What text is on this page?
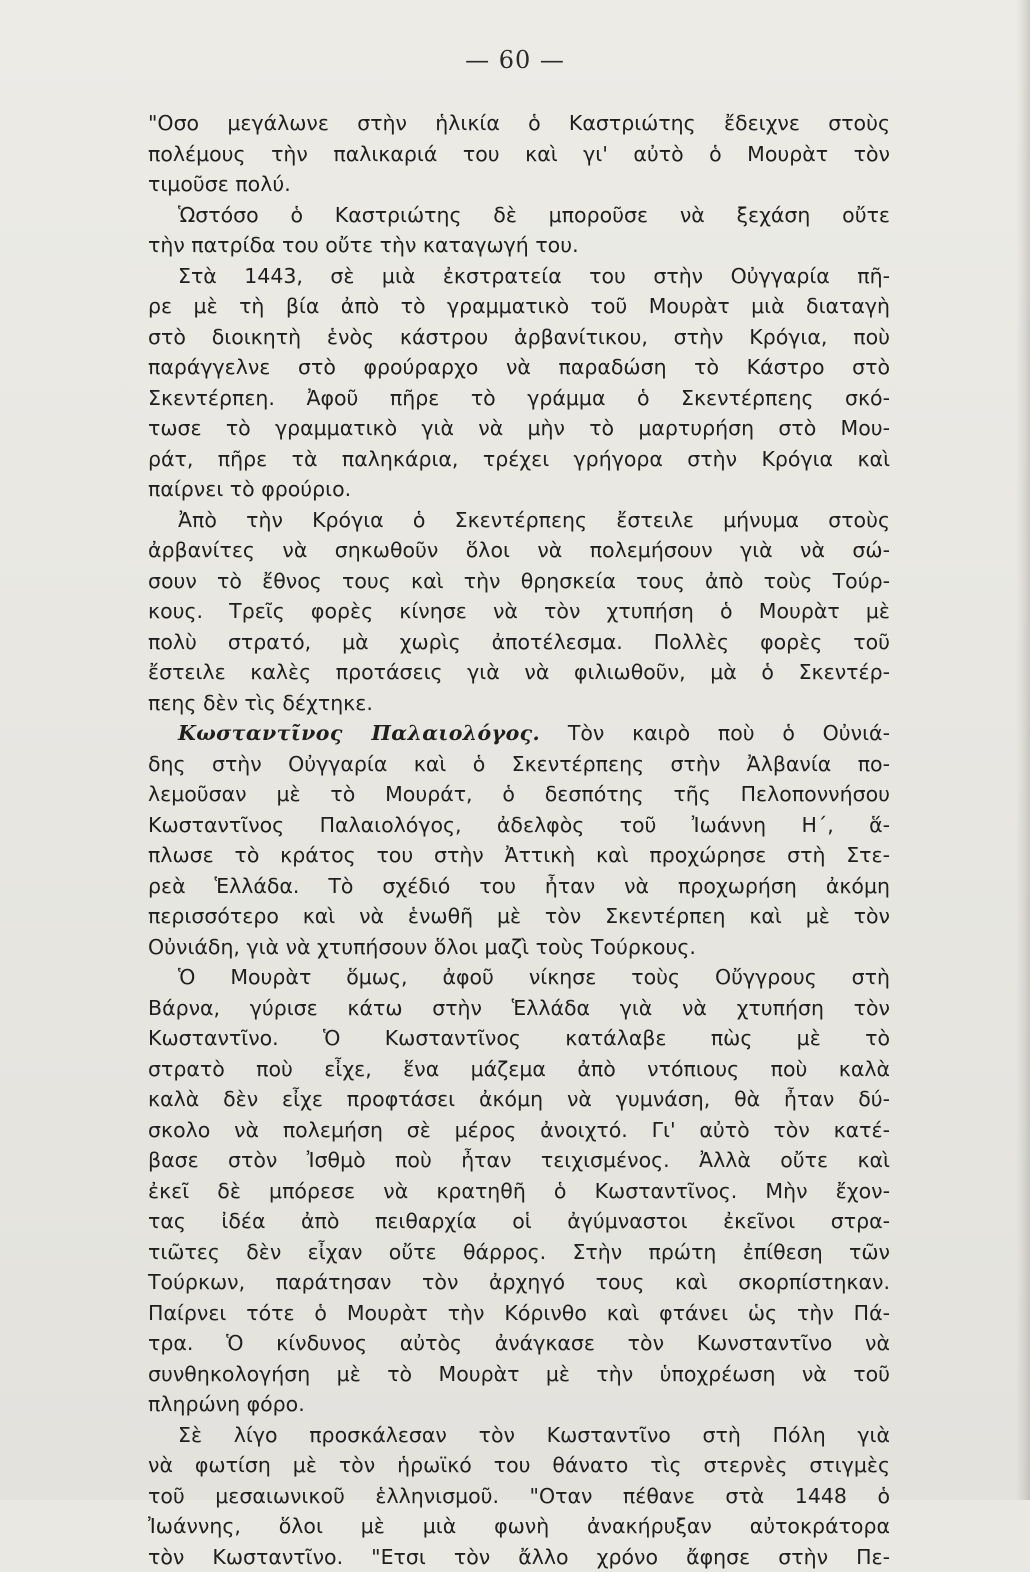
— 60 —
"Οσο μεγάλωνε στὴν ἡλικία ὁ Καστριώτης ἔδειχνε στοὺς
πολέμους τὴν παλικαριά του καὶ γι' αὐτὸ ὁ Μουρὰτ τὸν
τιμοῦσε πολύ.
Ὡστόσο ὁ Καστριώτης δὲ μποροῦσε νὰ ξεχάση οὔτε
τὴν πατρίδα του οὔτε τὴν καταγωγή του.
Στὰ 1443, σὲ μιὰ ἐκστρατεία του στὴν Οὐγγαρία πῆ-
ρε μὲ τὴ βία ἀπὸ τὸ γραμματικὸ τοῦ Μουρὰτ μιὰ διαταγὴ
στὸ διοικητὴ ἑνὸς κάστρου ἀρβανίτικου, στὴν Κρόγια, ποὺ
παράγγελνε στὸ φρούραρχο νὰ παραδώση τὸ Κάστρο στὸ
Σκεντέρπεη. Ἀφοῦ πῆρε τὸ γράμμα ὁ Σκεντέρπεης σκό-
τωσε τὸ γραμματικὸ γιὰ νὰ μὴν τὸ μαρτυρήση στὸ Μου-
ράτ, πῆρε τὰ παληκάρια, τρέχει γρήγορα στὴν Κρόγια καὶ
παίρνει τὸ φρούριο.
Ἀπὸ τὴν Κρόγια ὁ Σκεντέρπεης ἔστειλε μήνυμα στοὺς
ἀρβανίτες νὰ σηκωθοῦν ὅλοι νὰ πολεμήσουν γιὰ νὰ σώ-
σουν τὸ ἔθνος τους καὶ τὴν θρησκεία τους ἀπὸ τοὺς Τούρ-
κους. Τρεῖς φορὲς κίνησε νὰ τὸν χτυπήση ὁ Μουρὰτ μὲ
πολὺ στρατό, μὰ χωρὶς ἀποτέλεσμα. Πολλὲς φορὲς τοῦ
ἔστειλε καλὲς προτάσεις γιὰ νὰ φιλιωθοῦν, μὰ ὁ Σκεντέρ-
πεης δὲν τὶς δέχτηκε.
Κωσταντῖνος Παλαιολόγος. Τὸν καιρὸ ποὺ ὁ Οὐνιά-
δης στὴν Οὐγγαρία καὶ ὁ Σκεντέρπεης στὴν Ἀλβανία πο-
λεμοῦσαν μὲ τὸ Μουράτ, ὁ δεσπότης τῆς Πελοποννήσου
Κωσταντῖνος Παλαιολόγος, ἀδελφὸς τοῦ Ἰωάννη Η΄, ἅ-
πλωσε τὸ κράτος του στὴν Ἀττικὴ καὶ προχώρησε στὴ Στε-
ρεὰ Ἑλλάδα. Τὸ σχέδιό του ἦταν νὰ προχωρήση ἀκόμη
περισσότερο καὶ νὰ ἑνωθῆ μὲ τὸν Σκεντέρπεη καὶ μὲ τὸν
Οὐνιάδη, γιὰ νὰ χτυπήσουν ὅλοι μαζὶ τοὺς Τούρκους.
Ὁ Μουρὰτ ὅμως, ἀφοῦ νίκησε τοὺς Οὔγγρους στὴ
Βάρνα, γύρισε κάτω στὴν Ἑλλάδα γιὰ νὰ χτυπήση τὸν
Κωσταντῖνο. Ὁ Κωσταντῖνος κατάλαβε πὼς μὲ τὸ
στρατὸ ποὺ εἶχε, ἕνα μάζεμα ἀπὸ ντόπιους ποὺ καλὰ
καλὰ δὲν εἶχε προφτάσει ἀκόμη νὰ γυμνάση, θὰ ἦταν δύ-
σκολο νὰ πολεμήση σὲ μέρος ἀνοιχτό. Γι' αὐτὸ τὸν κατέ-
βασε στὸν Ἰσθμὸ ποὺ ἦταν τειχισμένος. Ἀλλὰ οὔτε καὶ
ἐκεῖ δὲ μπόρεσε νὰ κρατηθῆ ὁ Κωσταντῖνος. Μὴν ἔχον-
τας ἰδέα ἀπὸ πειθαρχία οἱ ἀγύμναστοι ἐκεῖνοι στρα-
τιῶτες δὲν εἶχαν οὔτε θάρρος. Στὴν πρώτη ἐπίθεση τῶν
Τούρκων, παράτησαν τὸν ἀρχηγό τους καὶ σκορπίστηκαν.
Παίρνει τότε ὁ Μουρὰτ τὴν Κόρινθο καὶ φτάνει ὡς τὴν Πά-
τρα. Ὁ κίνδυνος αὐτὸς ἀνάγκασε τὸν Κωνσταντῖνο νὰ
συνθηκολογήση μὲ τὸ Μουρὰτ μὲ τὴν ὑποχρέωση νὰ τοῦ
πληρώνη φόρο.
Σὲ λίγο προσκάλεσαν τὸν Κωσταντῖνο στὴ Πόλη γιὰ
νὰ φωτίση μὲ τὸν ἡρωϊκό του θάνατο τὶς στερνὲς στιγμὲς
τοῦ μεσαιωνικοῦ ἑλληνισμοῦ. "Οταν πέθανε στὰ 1448 ὁ
Ἰωάννης, ὅλοι μὲ μιὰ φωνὴ ἀνακήρυξαν αὐτοκράτορα
τὸν Κωσταντῖνο. "Ετσι τὸν ἄλλο χρόνο ἄφησε στὴν Πε-
